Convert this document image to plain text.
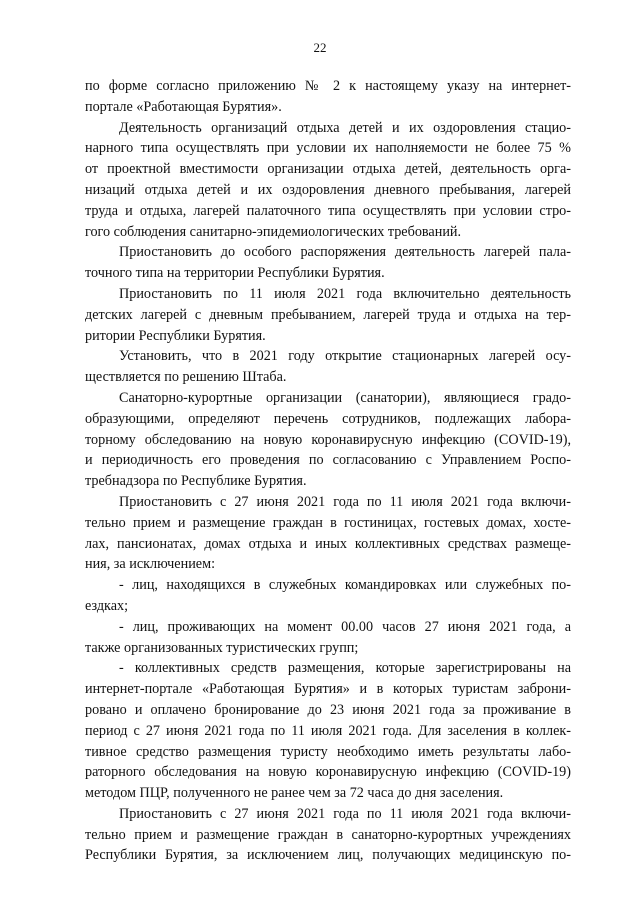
22
по форме согласно приложению № 2 к настоящему указу на интернет-
портале «Работающая Бурятия».
Деятельность организаций отдыха детей и их оздоровления стацио-
нарного типа осуществлять при условии их наполняемости не более 75 %
от проектной вместимости организации отдыха детей, деятельность орга-
низаций отдыха детей и их оздоровления дневного пребывания, лагерей
труда и отдыха, лагерей палаточного типа осуществлять при условии стро-
гого соблюдения санитарно-эпидемиологических требований.
Приостановить до особого распоряжения деятельность лагерей пала-
точного типа на территории Республики Бурятия.
Приостановить по 11 июля 2021 года включительно деятельность
детских лагерей с дневным пребыванием, лагерей труда и отдыха на тер-
ритории Республики Бурятия.
Установить, что в 2021 году открытие стационарных лагерей осу-
ществляется по решению Штаба.
Санаторно-курортные организации (санатории), являющиеся градо-
образующими, определяют перечень сотрудников, подлежащих лабора-
торному обследованию на новую коронавирусную инфекцию (COVID-19),
и периодичность его проведения по согласованию с Управлением Роспо-
требнадзора по Республике Бурятия.
Приостановить с 27 июня 2021 года по 11 июля 2021 года включи-
тельно прием и размещение граждан в гостиницах, гостевых домах, хосте-
лах, пансионатах, домах отдыха и иных коллективных средствах размеще-
ния, за исключением:
- лиц, находящихся в служебных командировках или служебных по-
ездках;
- лиц, проживающих на момент 00.00 часов 27 июня 2021 года, а
также организованных туристических групп;
- коллективных средств размещения, которые зарегистрированы на
интернет-портале «Работающая Бурятия» и в которых туристам заброни-
ровано и оплачено бронирование до 23 июня 2021 года за проживание в
период с 27 июня 2021 года по 11 июля 2021 года. Для заселения в коллек-
тивное средство размещения туристу необходимо иметь результаты лабо-
раторного обследования на новую коронавирусную инфекцию (COVID-19)
методом ПЦР, полученного не ранее чем за 72 часа до дня заселения.
Приостановить с 27 июня 2021 года по 11 июля 2021 года включи-
тельно прием и размещение граждан в санаторно-курортных учреждениях
Республики Бурятия, за исключением лиц, получающих медицинскую по-
